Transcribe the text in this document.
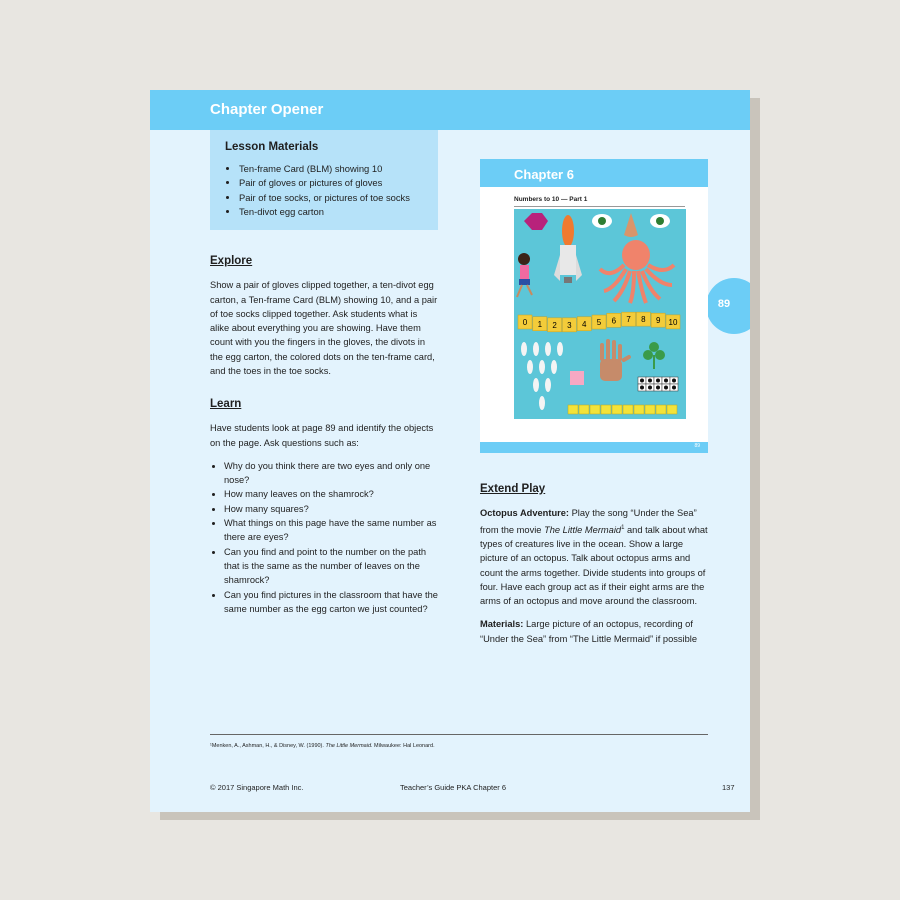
Chapter Opener
89
Lesson Materials
• Ten-frame Card (BLM) showing 10
• Pair of gloves or pictures of gloves
• Pair of toe socks, or pictures of toe socks
• Ten-divot egg carton
Explore

Show a pair of gloves clipped together, a ten-divot egg carton, a Ten-frame Card (BLM) showing 10, and a pair of toe socks clipped together. Ask students what is alike about everything you are showing. Have them count with you the fingers in the gloves, the divots in the egg carton, the colored dots on the ten-frame card, and the toes in the toe socks.

Learn

Have students look at page 89 and identify the objects on the page. Ask questions such as:

• Why do you think there are two eyes and only one nose?
• How many leaves on the shamrock?
• How many squares?
• What things on this page have the same number as there are eyes?
• Can you find and point to the number on the path that is the same as the number of leaves on the shamrock?
• Can you find pictures in the classroom that have the same number as the egg carton we just counted?
Chapter 6
Numbers to 10 — Part 1
0 1 2 3 4 5 6 7 8 9 10
89
Extend Play

Octopus Adventure: Play the song “Under the Sea” from the movie The Little Mermaid$^1$ and talk about what types of creatures live in the ocean. Show a large picture of an octopus. Talk about octopus arms and count the arms together. Divide students into groups of four. Have each group act as if their eight arms are the arms of an octopus and move around the classroom.

Materials: Large picture of an octopus, recording of “Under the Sea” from “The Little Mermaid” if possible

¹Menken, A., Ashman, H., & Disney, W. (1990). The Little Mermaid. Milwaukee: Hal Leonard.
© 2017 Singapore Math Inc.	Teacher’s Guide PKA Chapter 6	137
